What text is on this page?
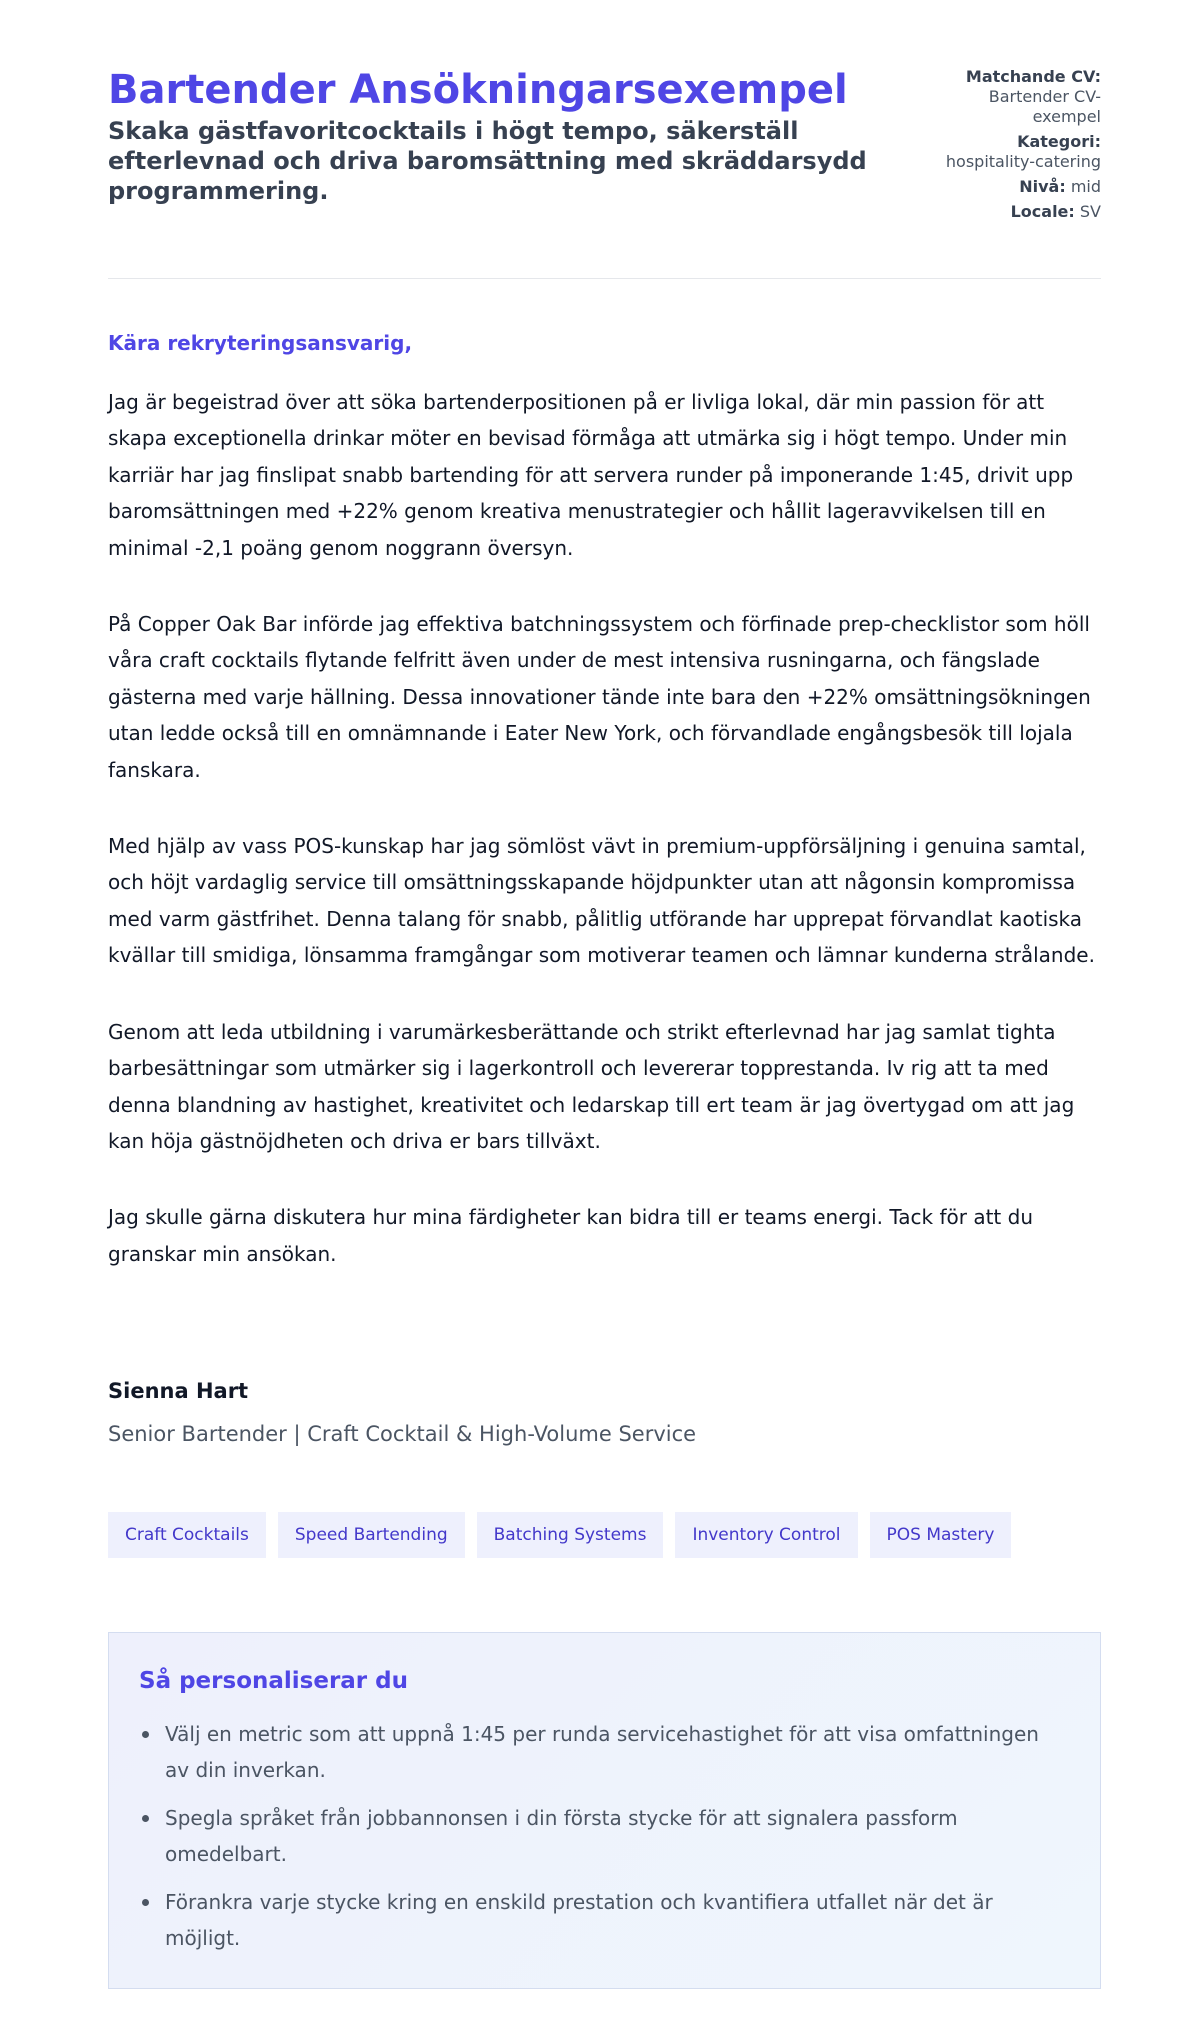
Bartender Ansökningarsexempel
Skaka gästfavoritcocktails i högt tempo, säkerställ efterlevnad och driva baromsättning med skräddarsydd programmering.
Matchande CV:
Bartender CV-exempel
Kategori:
hospitality-catering
Nivå: mid
Locale: SV
Kära rekryteringsansvarig,

Jag är begeistrad över att söka bartenderpositionen på er livliga lokal, där min passion för att skapa exceptionella drinkar möter en bevisad förmåga att utmärka sig i högt tempo. Under min karriär har jag finslipat snabb bartending för att servera runder på imponerande 1:45, drivit upp baromsättningen med +22% genom kreativa menustrategier och hållit lageravvikelsen till en minimal -2,1 poäng genom noggrann översyn.

På Copper Oak Bar införde jag effektiva batchningssystem och förfinade prep-checklistor som höll våra craft cocktails flytande felfritt även under de mest intensiva rusningarna, och fängslade gästerna med varje hällning. Dessa innovationer tände inte bara den +22% omsättningsökningen utan ledde också till en omnämnande i Eater New York, och förvandlade engångsbesök till lojala fanskara.

Med hjälp av vass POS-kunskap har jag sömlöst vävt in premium-uppförsäljning i genuina samtal, och höjt vardaglig service till omsättningsskapande höjdpunkter utan att någonsin kompromissa med varm gästfrihet. Denna talang för snabb, pålitlig utförande har upprepat förvandlat kaotiska kvällar till smidiga, lönsamma framgångar som motiverar teamen och lämnar kunderna strålande.

Genom att leda utbildning i varumärkesberättande och strikt efterlevnad har jag samlat tighta barbesättningar som utmärker sig i lagerkontroll och levererar topprestanda. Iv rig att ta med denna blandning av hastighet, kreativitet och ledarskap till ert team är jag övertygad om att jag kan höja gästnöjdheten och driva er bars tillväxt.

Jag skulle gärna diskutera hur mina färdigheter kan bidra till er teams energi. Tack för att du granskar min ansökan.

Sienna Hart
Senior Bartender | Craft Cocktail & High-Volume Service
Craft Cocktails	Speed Bartending	Batching Systems	Inventory Control	POS Mastery
Så personaliserar du
Välj en metric som att uppnå 1:45 per runda servicehastighet för att visa omfattningen av din inverkan.
Spegla språket från jobbannonsen i din första stycke för att signalera passform omedelbart.
Förankra varje stycke kring en enskild prestation och kvantifiera utfallet när det är möjligt.
